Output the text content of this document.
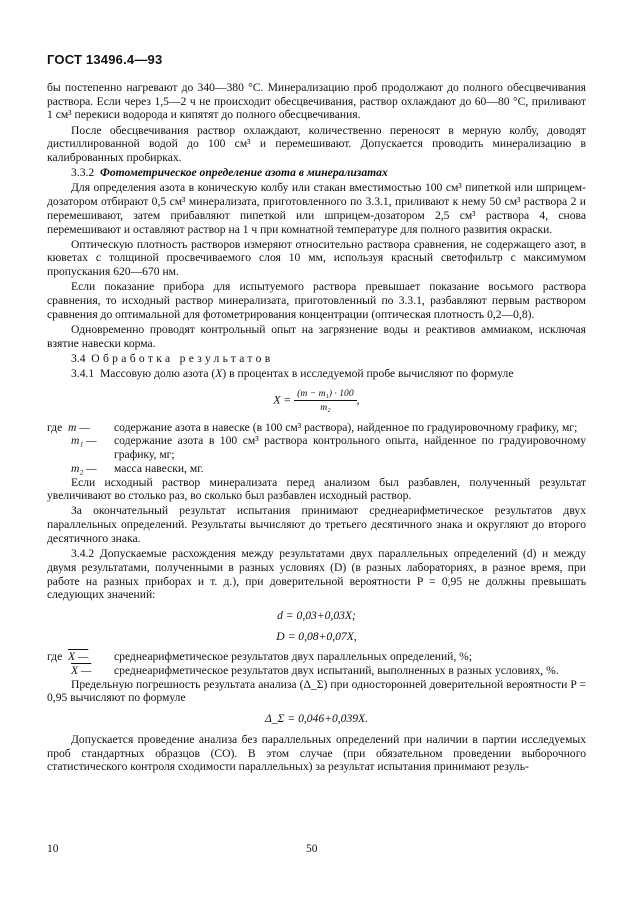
ГОСТ 13496.4—93

бы постепенно нагревают до 340—380 °С. Минерализацию проб продолжают до полного обесцвечивания раствора. Если через 1,5—2 ч не происходит обесцвечивания, раствор охлаждают до 60—80 °С, приливают 1 см³ перекиси водорода и кипятят до полного обесцвечивания.

После обесцвечивания раствор охлаждают, количественно переносят в мерную колбу, доводят дистиллированной водой до 100 см³ и перемешивают. Допускается проводить минерализацию в калиброванных пробирках.

3.3.2 Фотометрическое определение азота в минерализатах

Для определения азота в коническую колбу или стакан вместимостью 100 см³ пипеткой или шприцем-дозатором отбирают 0,5 см³ минерализата, приготовленного по 3.3.1, приливают к нему 50 см³ раствора 2 и перемешивают, затем прибавляют пипеткой или шприцем-дозатором 2,5 см³ раствора 4, снова перемешивают и оставляют раствор на 1 ч при комнатной температуре для полного развития окраски.

Оптическую плотность растворов измеряют относительно раствора сравнения, не содержащего азот, в кюветах с толщиной просвечиваемого слоя 10 мм, используя красный светофильтр с максимумом пропускания 620—670 нм.

Если показание прибора для испытуемого раствора превышает показание восьмого раствора сравнения, то исходный раствор минерализата, приготовленный по 3.3.1, разбавляют первым раствором сравнения до оптимальной для фотометрирования концентрации (оптическая плотность 0,2—0,8).

Одновременно проводят контрольный опыт на загрязнение воды и реактивов аммиаком, исключая взятие навески корма.

3.4 Обработка результатов

3.4.1 Массовую долю азота (X) в процентах в исследуемой пробе вычисляют по формуле

$X = \frac{\text{(m − m₁) · 100}}{\text{m₂}}$ ,
где m —	содержание азота в навеске (в 100 см³ раствора), найденное по градуировочному графику, мг;
m₁ —	содержание азота в 100 см³ раствора контрольного опыта, найденное по градуировочному графику, мг;
m₂ —	масса навески, мг.

Если исходный раствор минерализата перед анализом был разбавлен, полученный результат увеличивают во столько раз, во сколько был разбавлен исходный раствор.

За окончательный результат испытания принимают среднеарифметическое результатов двух параллельных определений. Результаты вычисляют до третьего десятичного знака и округляют до второго десятичного знака.

3.4.2 Допускаемые расхождения между результатами двух параллельных определений (d) и между двумя результатами, полученными в разных условиях (D) (в разных лабораториях, в разное время, при работе на разных приборах и т. д.), при доверительной вероятности P = 0,95 не должны превышать следующих значений:

d = 0,03+0,03X;
D = 0,08+0,07X,
где X —	среднеарифметическое результатов двух параллельных определений, %;
X —	среднеарифметическое результатов двух испытаний, выполненных в разных условиях, %.

Предельную погрешность результата анализа (Δ_Σ) при односторонней доверительной вероятности P = 0,95 вычисляют по формуле

Δ_Σ = 0,046+0,039X.

Допускается проведение анализа без параллельных определений при наличии в партии исследуемых проб стандартных образцов (СО). В этом случае (при обязательном проведении выборочного статистического контроля сходимости параллельных) за результат испытания принимают резуль-

10	50
